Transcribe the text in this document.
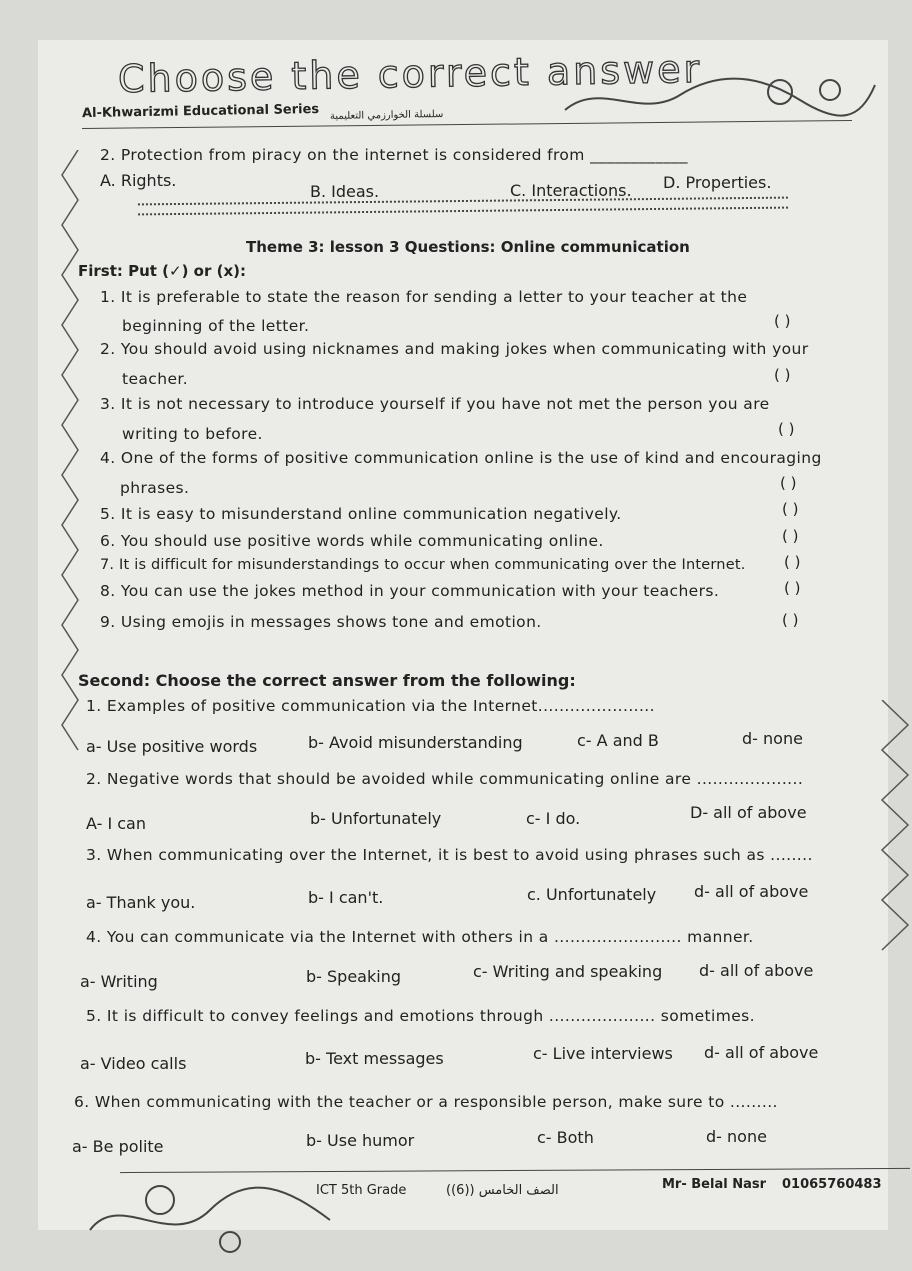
Choose the correct answer
Al-Khwarizmi Educational Series سلسلة الخوارزمي التعليمية
2. Protection from piracy on the internet is considered from ____________
A. Rights.
B. Ideas.	C. Interactions. D. Properties.
Theme 3: lesson 3 Questions: Online communication
First: Put (✓) or (x):
1. It is preferable to state the reason for sending a letter to your teacher at the
beginning of the letter.	( )
2. You should avoid using nicknames and making jokes when communicating with your
teacher.	( )
3. It is not necessary to introduce yourself if you have not met the person you are
writing to before.	( )
4. One of the forms of positive communication online is the use of kind and encouraging
phrases.	( )
5. It is easy to misunderstand online communication negatively.	( )
6. You should use positive words while communicating online.	( )
7. It is difficult for misunderstandings to occur when communicating over the Internet.	( )
8. You can use the jokes method in your communication with your teachers.	( )
9. Using emojis in messages shows tone and emotion.	( )
Second: Choose the correct answer from the following:
1. Examples of positive communication via the Internet......................
a- Use positive words	b- Avoid misunderstanding	c- A and B	d- none
2. Negative words that should be avoided while communicating online are ....................
A- I can	b- Unfortunately	c- I do.	D- all of above
3. When communicating over the Internet, it is best to avoid using phrases such as ........
a- Thank you.	b- I can't.	c. Unfortunately d- all of above
4. You can communicate via the Internet with others in a ........................ manner.
a- Writing	b- Speaking	c- Writing and speaking d- all of above
5. It is difficult to convey feelings and emotions through .................... sometimes.
a- Video calls	b- Text messages	c- Live interviews d- all of above
6. When communicating with the teacher or a responsible person, make sure to .........
a- Be polite	b- Use humor	c- Both	d- none
ICT 5th Grade	الصف الخامس ((6))	Mr- Belal Nasr 01065760483
